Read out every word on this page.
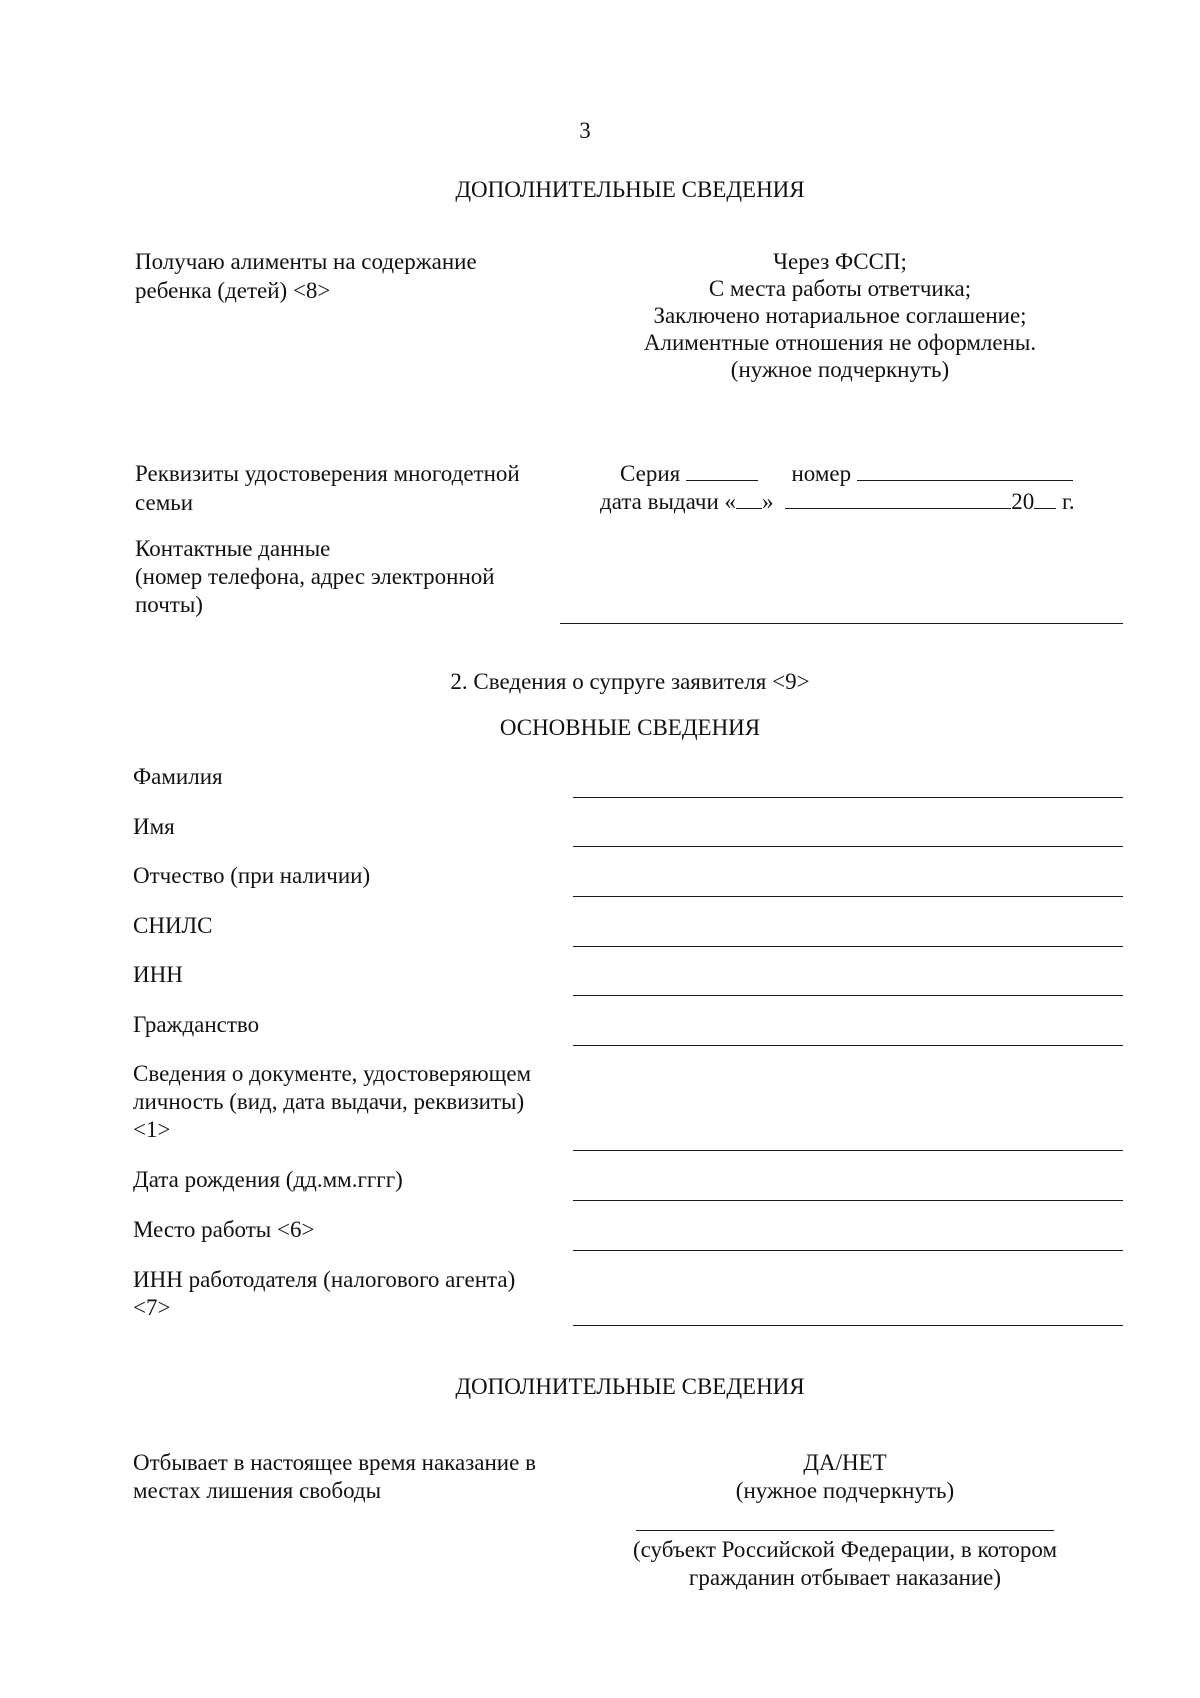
3
ДОПОЛНИТЕЛЬНЫЕ СВЕДЕНИЯ
Получаю алименты на содержание
ребенка (детей) <8>
Через ФССП;
С места работы ответчика;
Заключено нотариальное соглашение;
Алиментные отношения не оформлены.
(нужное подчеркнуть)
Реквизиты удостоверения многодетной
семьи
Серия	номер
дата выдачи « »	20 г.
Контактные данные
(номер телефона, адрес электронной
почты)
2. Сведения о супруге заявителя <9>
ОСНОВНЫЕ СВЕДЕНИЯ
Фамилия
Имя
Отчество (при наличии)
СНИЛС
ИНН
Гражданство
Сведения о документе, удостоверяющем
личность (вид, дата выдачи, реквизиты)
<1>
Дата рождения (дд.мм.гггг)
Место работы <6>
ИНН работодателя (налогового агента)
<7>
ДОПОЛНИТЕЛЬНЫЕ СВЕДЕНИЯ
Отбывает в настоящее время наказание в
местах лишения свободы
ДА/НЕТ
(нужное подчеркнуть)
(субъект Российской Федерации, в котором
гражданин отбывает наказание)
